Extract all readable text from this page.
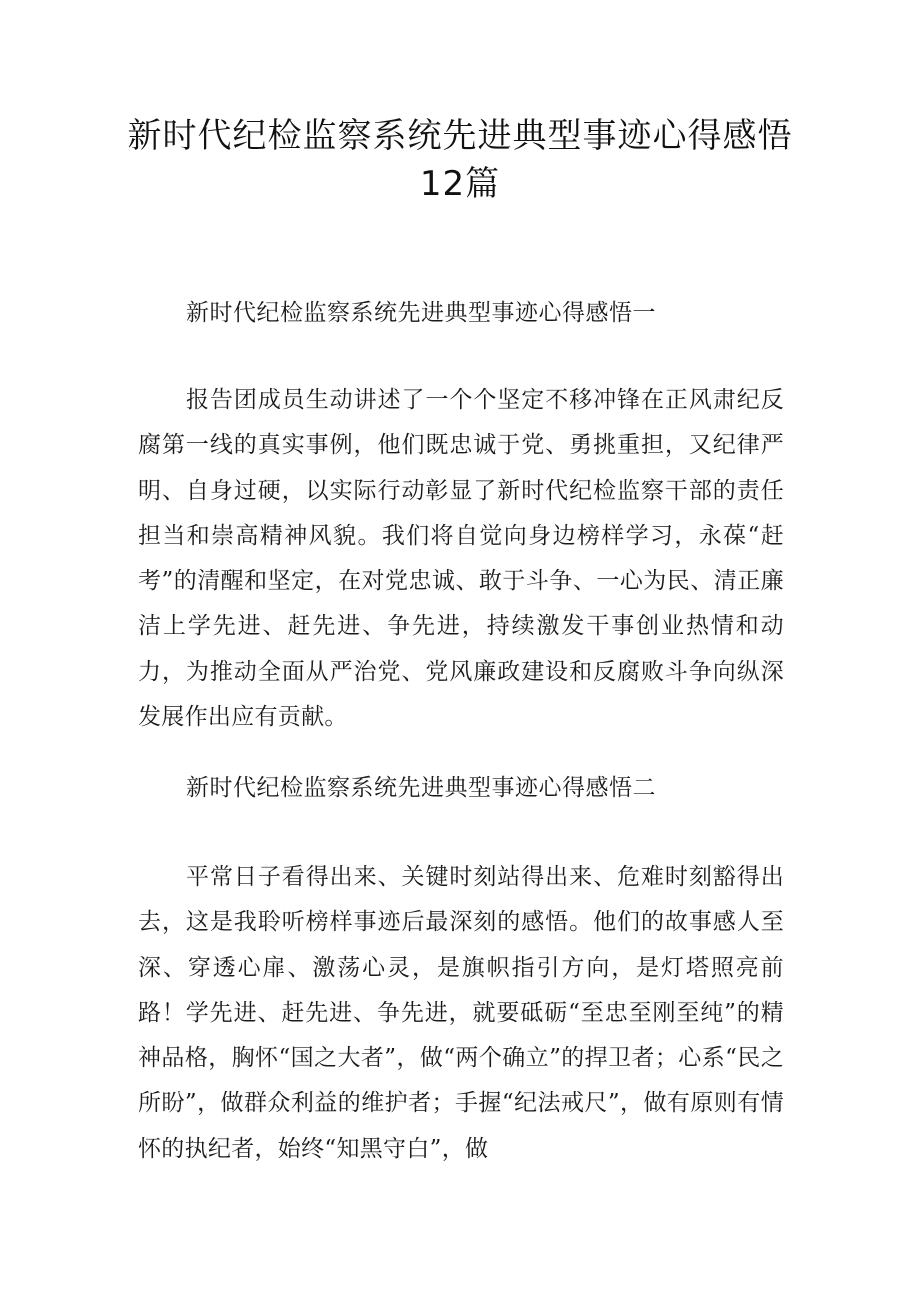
新时代纪检监察系统先进典型事迹心得感悟12篇
新时代纪检监察系统先进典型事迹心得感悟一

报告团成员生动讲述了一个个坚定不移冲锋在正风肃纪反腐第一线的真实事例，他们既忠诚于党、勇挑重担，又纪律严明、自身过硬，以实际行动彰显了新时代纪检监察干部的责任担当和崇高精神风貌。我们将自觉向身边榜样学习，永葆“赶考”的清醒和坚定，在对党忠诚、敢于斗争、一心为民、清正廉洁上学先进、赶先进、争先进，持续激发干事创业热情和动力，为推动全面从严治党、党风廉政建设和反腐败斗争向纵深发展作出应有贡献。

新时代纪检监察系统先进典型事迹心得感悟二

平常日子看得出来、关键时刻站得出来、危难时刻豁得出去，这是我聆听榜样事迹后最深刻的感悟。他们的故事感人至深、穿透心扉、激荡心灵，是旗帜指引方向，是灯塔照亮前路！学先进、赶先进、争先进，就要砥砺“至忠至刚至纯”的精神品格，胸怀“国之大者”，做“两个确立”的捍卫者；心系“民之所盼”，做群众利益的维护者；手握“纪法戒尺”，做有原则有情怀的执纪者，始终“知黑守白”，做
